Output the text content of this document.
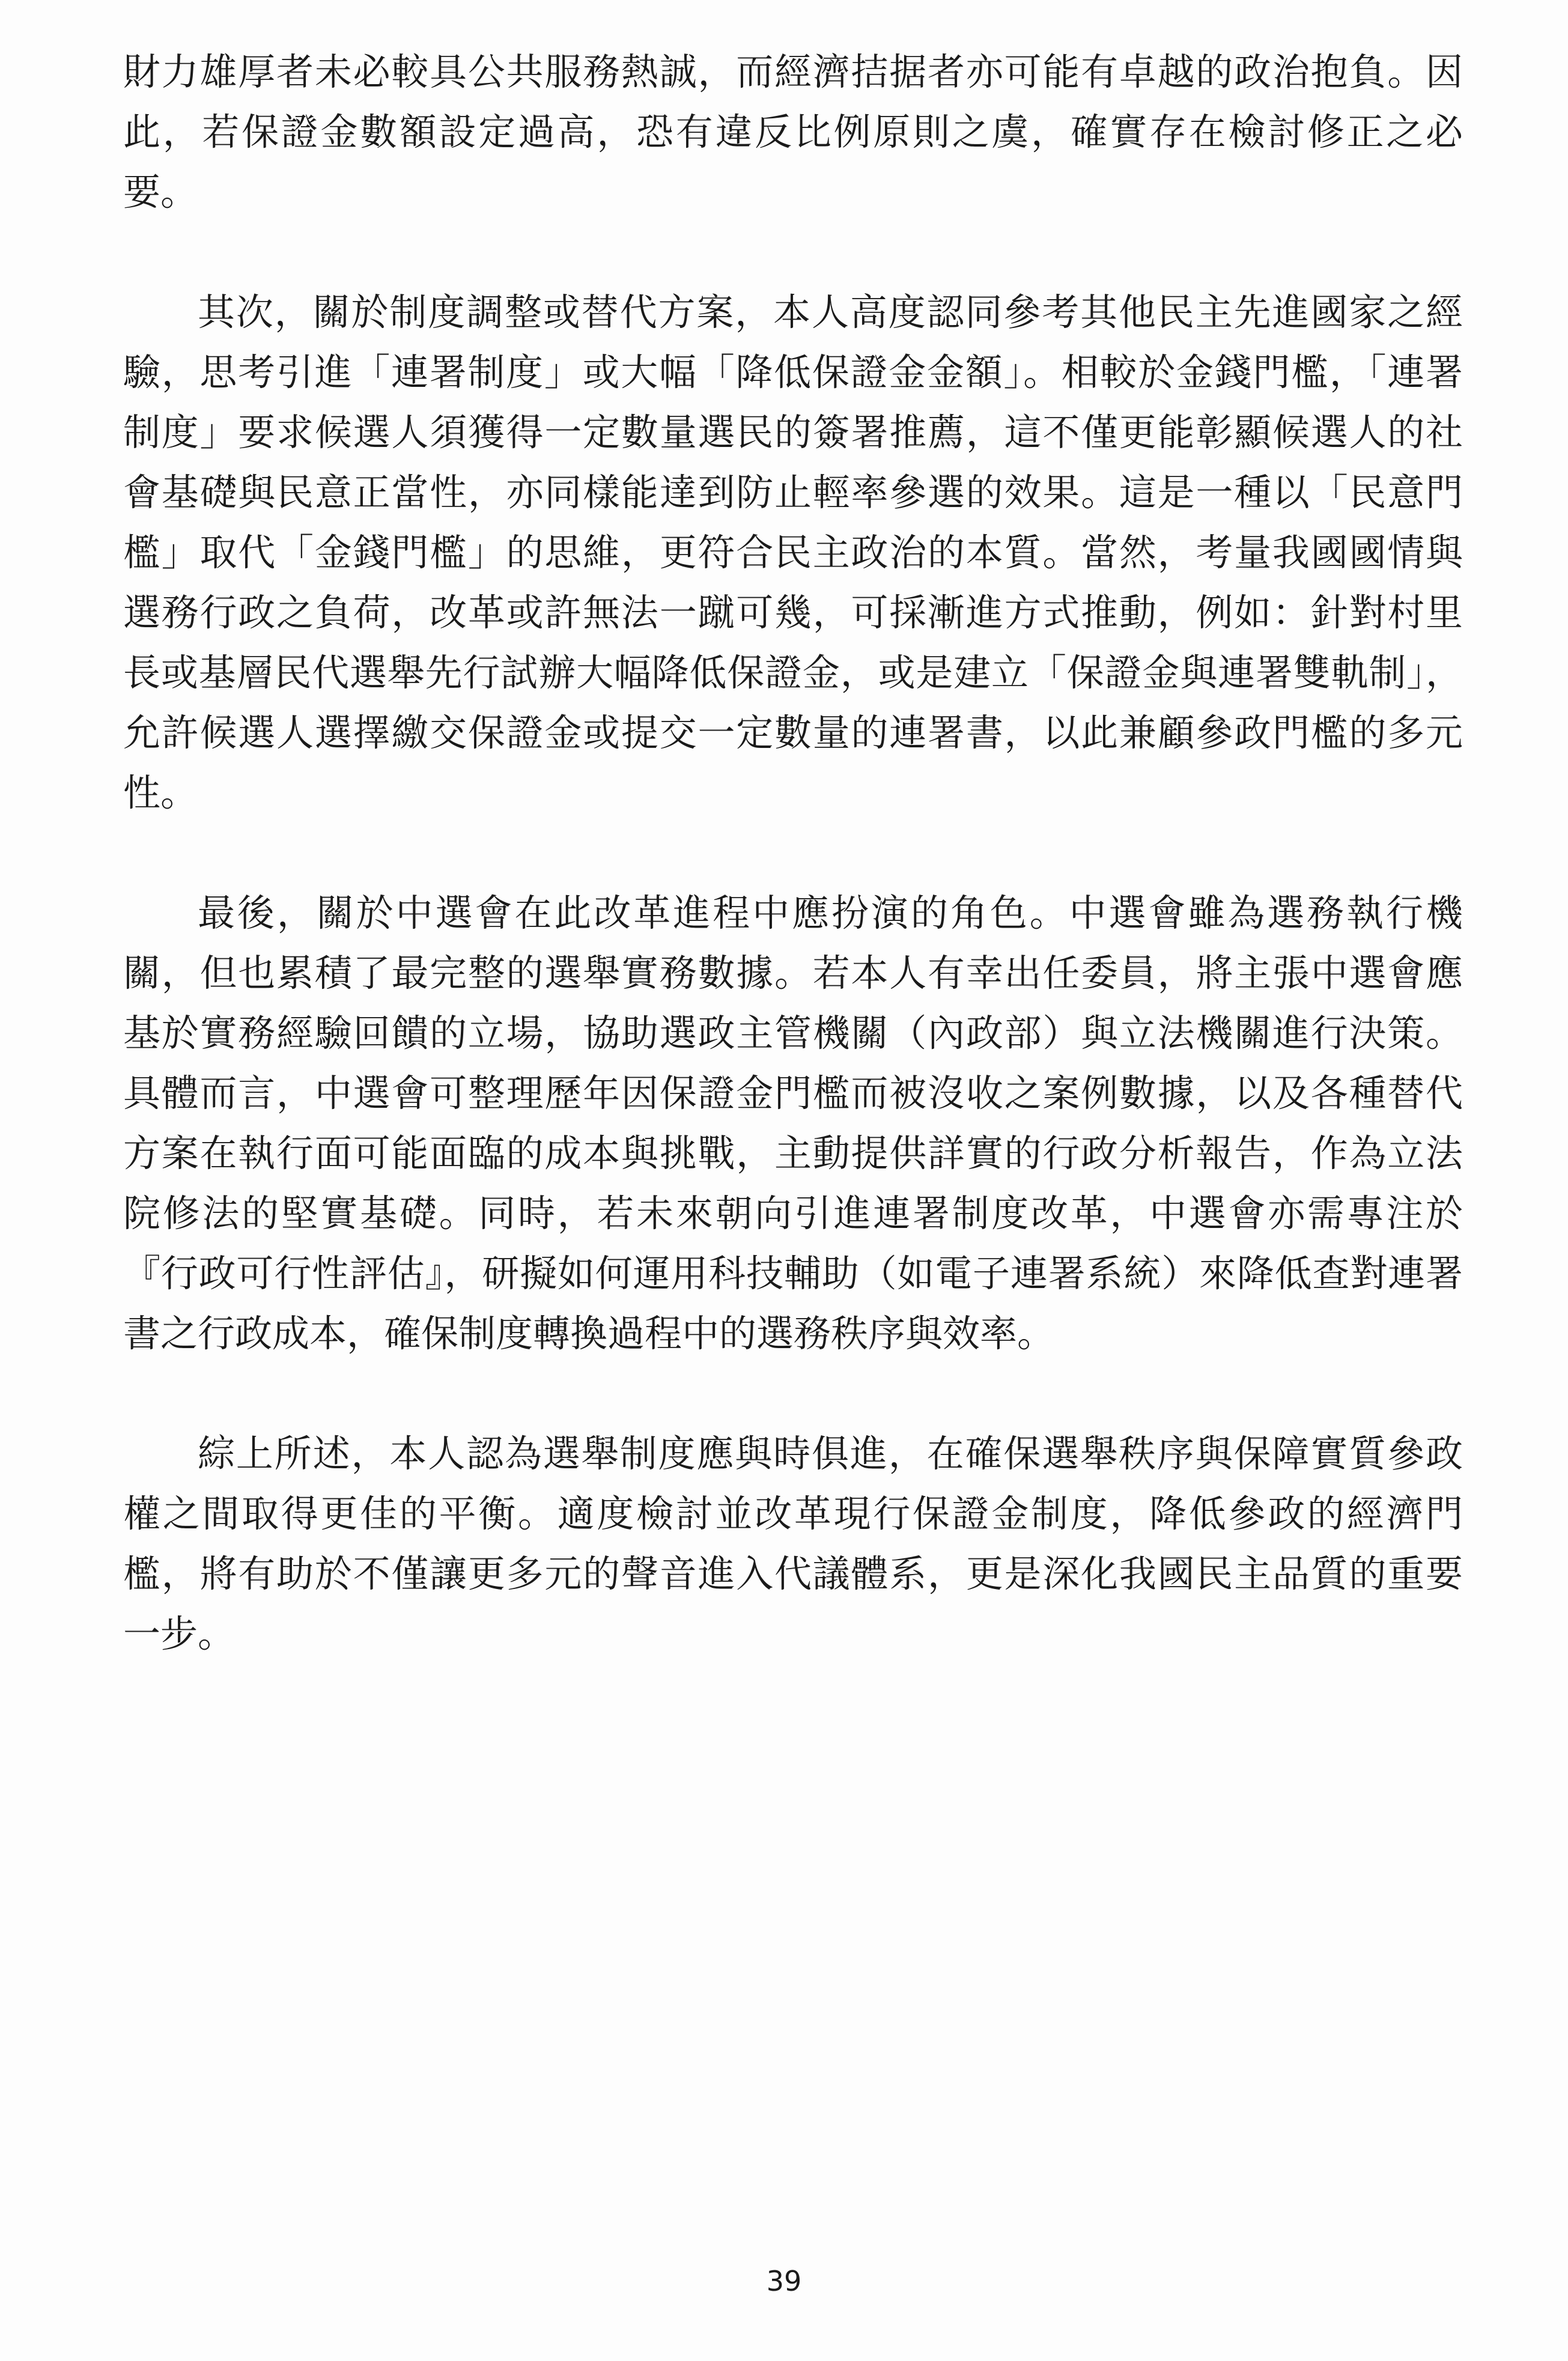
財力雄厚者未必較具公共服務熱誠，而經濟拮据者亦可能有卓越的政治抱負。因此，若保證金數額設定過高，恐有違反比例原則之虞，確實存在檢討修正之必要。

其次，關於制度調整或替代方案，本人高度認同參考其他民主先進國家之經驗，思考引進「連署制度」或大幅「降低保證金金額」。相較於金錢門檻，「連署制度」要求候選人須獲得一定數量選民的簽署推薦，這不僅更能彰顯候選人的社會基礎與民意正當性，亦同樣能達到防止輕率參選的效果。這是一種以「民意門檻」取代「金錢門檻」的思維，更符合民主政治的本質。當然，考量我國國情與選務行政之負荷，改革或許無法一蹴可幾，可採漸進方式推動，例如：針對村里長或基層民代選舉先行試辦大幅降低保證金，或是建立「保證金與連署雙軌制」，允許候選人選擇繳交保證金或提交一定數量的連署書，以此兼顧參政門檻的多元性。

最後，關於中選會在此改革進程中應扮演的角色。中選會雖為選務執行機關，但也累積了最完整的選舉實務數據。若本人有幸出任委員，將主張中選會應基於實務經驗回饋的立場，協助選政主管機關（內政部）與立法機關進行決策。具體而言，中選會可整理歷年因保證金門檻而被沒收之案例數據，以及各種替代方案在執行面可能面臨的成本與挑戰，主動提供詳實的行政分析報告，作為立法院修法的堅實基礎。同時，若未來朝向引進連署制度改革，中選會亦需專注於『行政可行性評估』，研擬如何運用科技輔助（如電子連署系統）來降低查對連署書之行政成本，確保制度轉換過程中的選務秩序與效率。

綜上所述，本人認為選舉制度應與時俱進，在確保選舉秩序與保障實質參政權之間取得更佳的平衡。適度檢討並改革現行保證金制度，降低參政的經濟門檻，將有助於不僅讓更多元的聲音進入代議體系，更是深化我國民主品質的重要一步。

39
